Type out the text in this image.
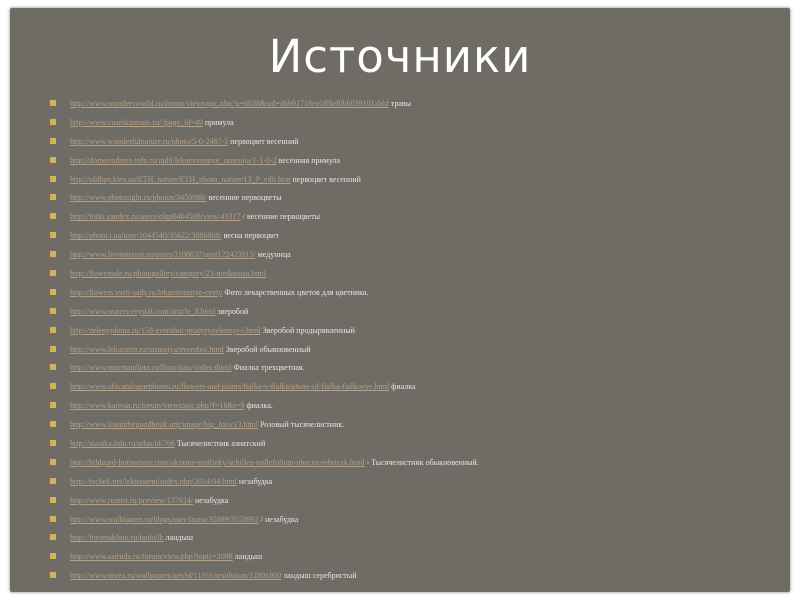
Источники
http://www.wondersworld.ru/forum/viewtopic.php?p=6838&sid=d6b91716ee5ff8ef0bb039101abbf травы
http://www.cosmkinmate.ru/?page_id=49 примула
http://www.wonderfulnature.ru/photo/5-0-2487-3 первоцвет весенний
http://domovodstvo.info.ru/publ/lekarstvennye_rastenija/1-1-0-2 весенняя примула
http://oldboy.kiev.ua/ETH_nature/ETH_photo_nature/13_P_edit.htm первоцвет весенний
http://www.photosight.ru/photos/3450988/ весенние первоцветы
http://fotki.yandex.ru/users/olga0404500/view/41317 / весенние первоцветы
http://photo.i.ua/user/1044540/35622/3886808/ весна первоцвет
http://www.liveinternet.ru/users/3108637/post122423015/ медуница
http://flowersale.ru/photogallery/category/23-medunitsa.html
http://flowers.vseti-sady.ru/lekarstvennye-cvety Фото лекарственных цветов для цветника.
http://www.waters-crystal.com/article_8.html зверобой
http://zelenyjdoma.ru/158-zveroboi-prodyryavlennyi-i.html Зверобой продырявленный
http://www.lekarstvo.ru/rasteniya/zveroboi.html Зверобой обыкновенный
http://www.murmanflora.ru/flora/data/violet.shtml Фиалка трехцветная.
http://www.obicataloguephotos.ru/flowers-and-plants/fialka-v-fialka/photo-of-fialka-fialkovye.html фиалка
http://www.kaiwaa.ru/forum/viewtopic.php?f=18&t=9 фиалка.
http://www.lostinthegoodbook.org/image/big_foto/13.html Розовый тысячелистник.
http://aiaaika.info.ru/atlas/id/766 Тысячелистник азиатский
http://hildgard-hofmeister.com/okrasne-rostlinky/achillea-millefolium-obecna-rebricek.html - Тысячелистник обыкновенный.
http://tochek.net/lektrasteni/index.php/2014/04.html незабудка
http://www.roznet.ru/preview/137924/ незабудка
http://www.wallpapers.ru/blogs/user/fauna/35689/3558992 / незабудка
http://fotomakfoto.ru/taubylb ландыш
http://www.asiruda.ru/forum/view.php?topic=2098 ландыш
http://www.nivea.ru/wallpapers/get/id/11161/resolution/1280x800 ландыш серебристый
